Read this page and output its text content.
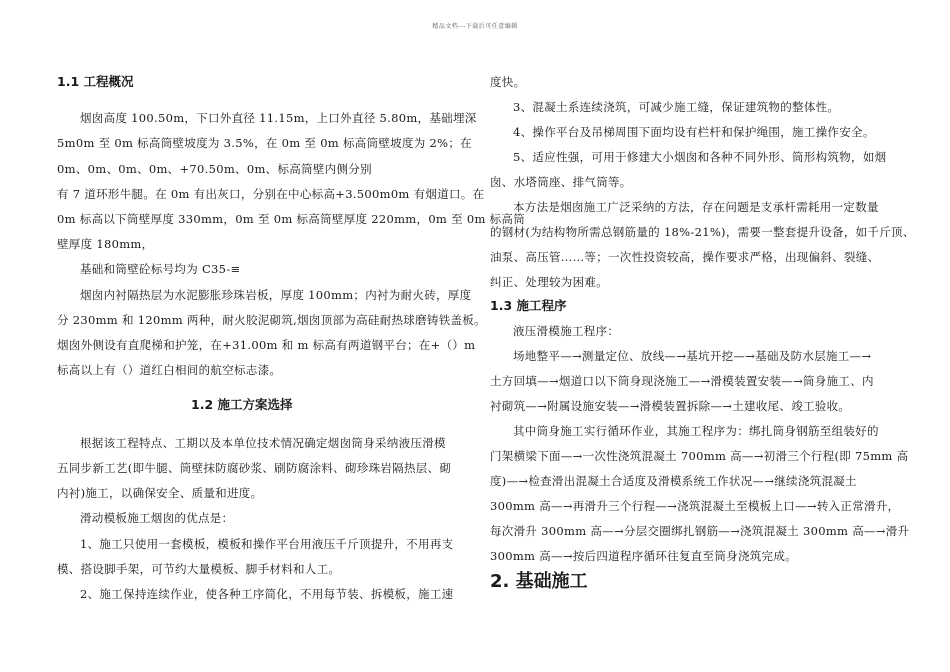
精品文档---下载后可任意编辑
1.1 工程概况
烟囱高度 100.50m，下口外直径 11.15m，上口外直径 5.80m，基础埋深
5m0m 至 0m 标高筒壁坡度为 3.5%，在 0m 至 0m 标高筒壁坡度为 2%；在
0m、0m、0m、0m、+70.50m、0m、标高筒壁内侧分别
有 7 道环形牛腿。在 0m 有出灰口，分别在中心标高+3.500m0m 有烟道口。在
0m 标高以下筒壁厚度 330mm，0m 至 0m 标高筒壁厚度 220mm，0m 至 0m 标高筒
壁厚度 180mm，
基础和筒壁砼标号均为 C35-≡
烟囱内衬隔热层为水泥膨胀珍珠岩板，厚度 100mm；内衬为耐火砖，厚度
分 230mm 和 120mm 两种，耐火胶泥砌筑,烟囱顶部为高硅耐热球磨铸铁盖板。
烟囱外侧设有直爬梯和护笼，在+31.00m 和 m 标高有两道钢平台；在+（）m
标高以上有（）道红白相间的航空标志漆。
1.2 施工方案选择
根据该工程特点、工期以及本单位技术情况确定烟囱筒身采纳液压滑模
五同步新工艺(即牛腿、筒壁抹防腐砂浆、刷防腐涂料、砌珍珠岩隔热层、砌
内衬)施工，以确保安全、质量和进度。
滑动模板施工烟囱的优点是：
1、施工只使用一套模板，模板和操作平台用液压千斤顶提升，不用再支
模、搭设脚手架，可节约大量模板、脚手材料和人工。
2、施工保持连续作业，使各种工序简化，不用每节装、拆模板，施工速
度快。
3、混凝土系连续浇筑，可减少施工缝，保证建筑物的整体性。
4、操作平台及吊梯周围下面均设有栏杆和保护绳围，施工操作安全。
5、适应性强，可用于修建大小烟囱和各种不同外形、筒形构筑物，如烟
囱、水塔筒座、排气筒等。
本方法是烟囱施工广泛采纳的方法，存在问题是支承杆需耗用一定数量
的钢材(为结构物所需总钢筋量的 18%-21%)，需要一整套提升设备，如千斤顶、
油泵、高压管……等；一次性投资较高，操作要求严格，出现偏斜、裂缝、
纠正、处理较为困难。
1.3 施工程序
液压滑模施工程序：
场地整平—→测量定位、放线—→基坑开挖—→基础及防水层施工—→
土方回填—→烟道口以下筒身现浇施工—→滑模装置安装—→筒身施工、内
衬砌筑—→附属设施安装—→滑模装置拆除—→土建收尾、竣工验收。
其中筒身施工实行循环作业，其施工程序为：绑扎筒身钢筋至组装好的
门架横梁下面—→一次性浇筑混凝土 700mm 高—→初滑三个行程(即 75mm 高
度)—→检查滑出混凝土合适度及滑模系统工作状况—→继续浇筑混凝土
300mm 高—→再滑升三个行程—→浇筑混凝土至模板上口—→转入正常滑升，
每次滑升 300mm 高—→分层交圈绑扎钢筋—→浇筑混凝土 300mm 高—→滑升
300mm 高—→按后四道程序循环往复直至筒身浇筑完成。
2. 基础施工
